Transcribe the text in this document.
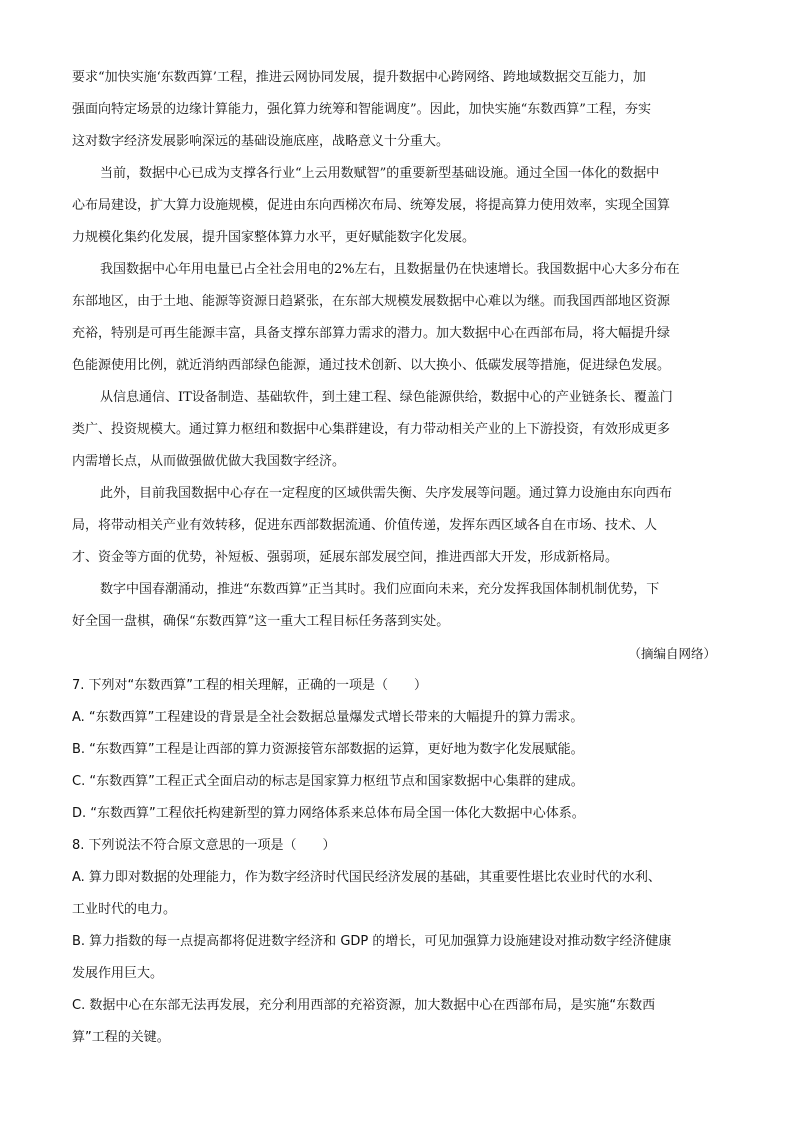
要求“加快实施‘东数西算’工程，推进云网协同发展，提升数据中心跨网络、跨地域数据交互能力，加
强面向特定场景的边缘计算能力，强化算力统筹和智能调度”。因此，加快实施“东数西算”工程，夯实
这对数字经济发展影响深远的基础设施底座，战略意义十分重大。
当前，数据中心已成为支撑各行业“上云用数赋智”的重要新型基础设施。通过全国一体化的数据中
心布局建设，扩大算力设施规模，促进由东向西梯次布局、统筹发展，将提高算力使用效率，实现全国算
力规模化集约化发展，提升国家整体算力水平，更好赋能数字化发展。
我国数据中心年用电量已占全社会用电的2%左右，且数据量仍在快速增长。我国数据中心大多分布在
东部地区，由于土地、能源等资源日趋紧张，在东部大规模发展数据中心难以为继。而我国西部地区资源
充裕，特别是可再生能源丰富，具备支撑东部算力需求的潜力。加大数据中心在西部布局，将大幅提升绿
色能源使用比例，就近消纳西部绿色能源，通过技术创新、以大换小、低碳发展等措施，促进绿色发展。
从信息通信、IT设备制造、基础软件，到土建工程、绿色能源供给，数据中心的产业链条长、覆盖门
类广、投资规模大。通过算力枢纽和数据中心集群建设，有力带动相关产业的上下游投资，有效形成更多
内需增长点，从而做强做优做大我国数字经济。
此外，目前我国数据中心存在一定程度的区域供需失衡、失序发展等问题。通过算力设施由东向西布
局，将带动相关产业有效转移，促进东西部数据流通、价值传递，发挥东西区域各自在市场、技术、人
才、资金等方面的优势，补短板、强弱项，延展东部发展空间，推进西部大开发，形成新格局。
数字中国春潮涌动，推进“东数西算”正当其时。我们应面向未来，充分发挥我国体制机制优势，下
好全国一盘棋，确保“东数西算”这一重大工程目标任务落到实处。
（摘编自网络）
7. 下列对“东数西算”工程的相关理解，正确的一项是（　　）
A. “东数西算”工程建设的背景是全社会数据总量爆发式增长带来的大幅提升的算力需求。
B. “东数西算”工程是让西部的算力资源接管东部数据的运算，更好地为数字化发展赋能。
C. “东数西算”工程正式全面启动的标志是国家算力枢纽节点和国家数据中心集群的建成。
D. “东数西算”工程依托构建新型的算力网络体系来总体布局全国一体化大数据中心体系。
8. 下列说法不符合原文意思的一项是（　　）
A. 算力即对数据的处理能力，作为数字经济时代国民经济发展的基础，其重要性堪比农业时代的水利、
工业时代的电力。
B. 算力指数的每一点提高都将促进数字经济和 GDP 的增长，可见加强算力设施建设对推动数字经济健康
发展作用巨大。
C. 数据中心在东部无法再发展，充分利用西部的充裕资源，加大数据中心在西部布局，是实施“东数西
算”工程的关键。
